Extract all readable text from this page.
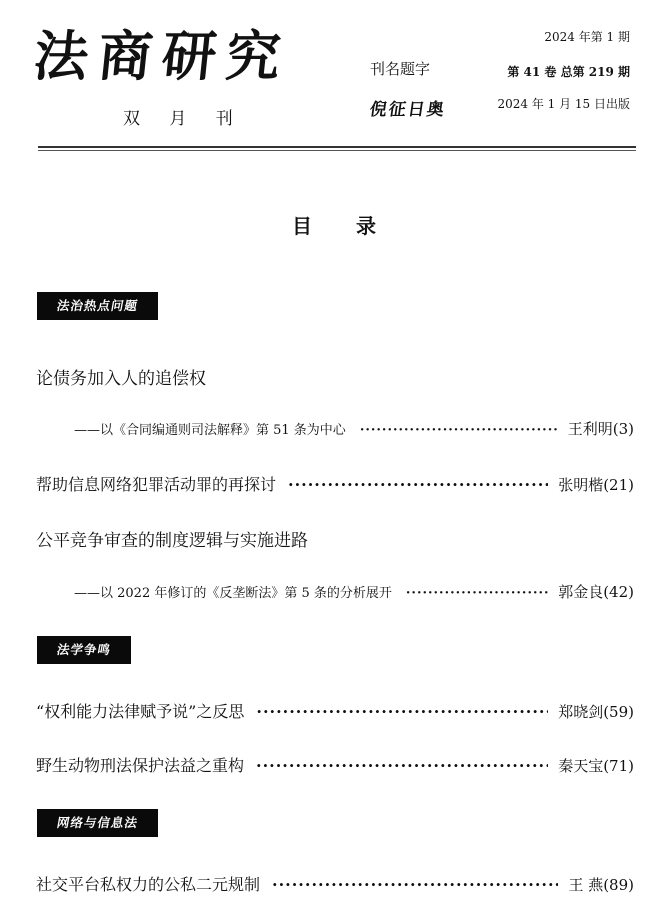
法商研究
双 月 刊
刊名题字
倪征日奥
2024 年第 1 期
第 41 卷 总第 219 期
2024 年 1 月 15 日出版
目录
法治热点问题
论债务加入人的追偿权
——以《合同编通则司法解释》第 51 条为中心 ·····	王利明(3)
帮助信息网络犯罪活动罪的再探讨 ·····	张明楷(21)
公平竞争审查的制度逻辑与实施进路
——以 2022 年修订的《反垄断法》第 5 条的分析展开 ·····	郭金良(42)
法学争鸣
“权利能力法律赋予说”之反思 ·····	郑晓剑(59)
野生动物刑法保护法益之重构 ·····	秦天宝(71)
网络与信息法
社交平台私权力的公私二元规制 ·····	王 燕(89)
